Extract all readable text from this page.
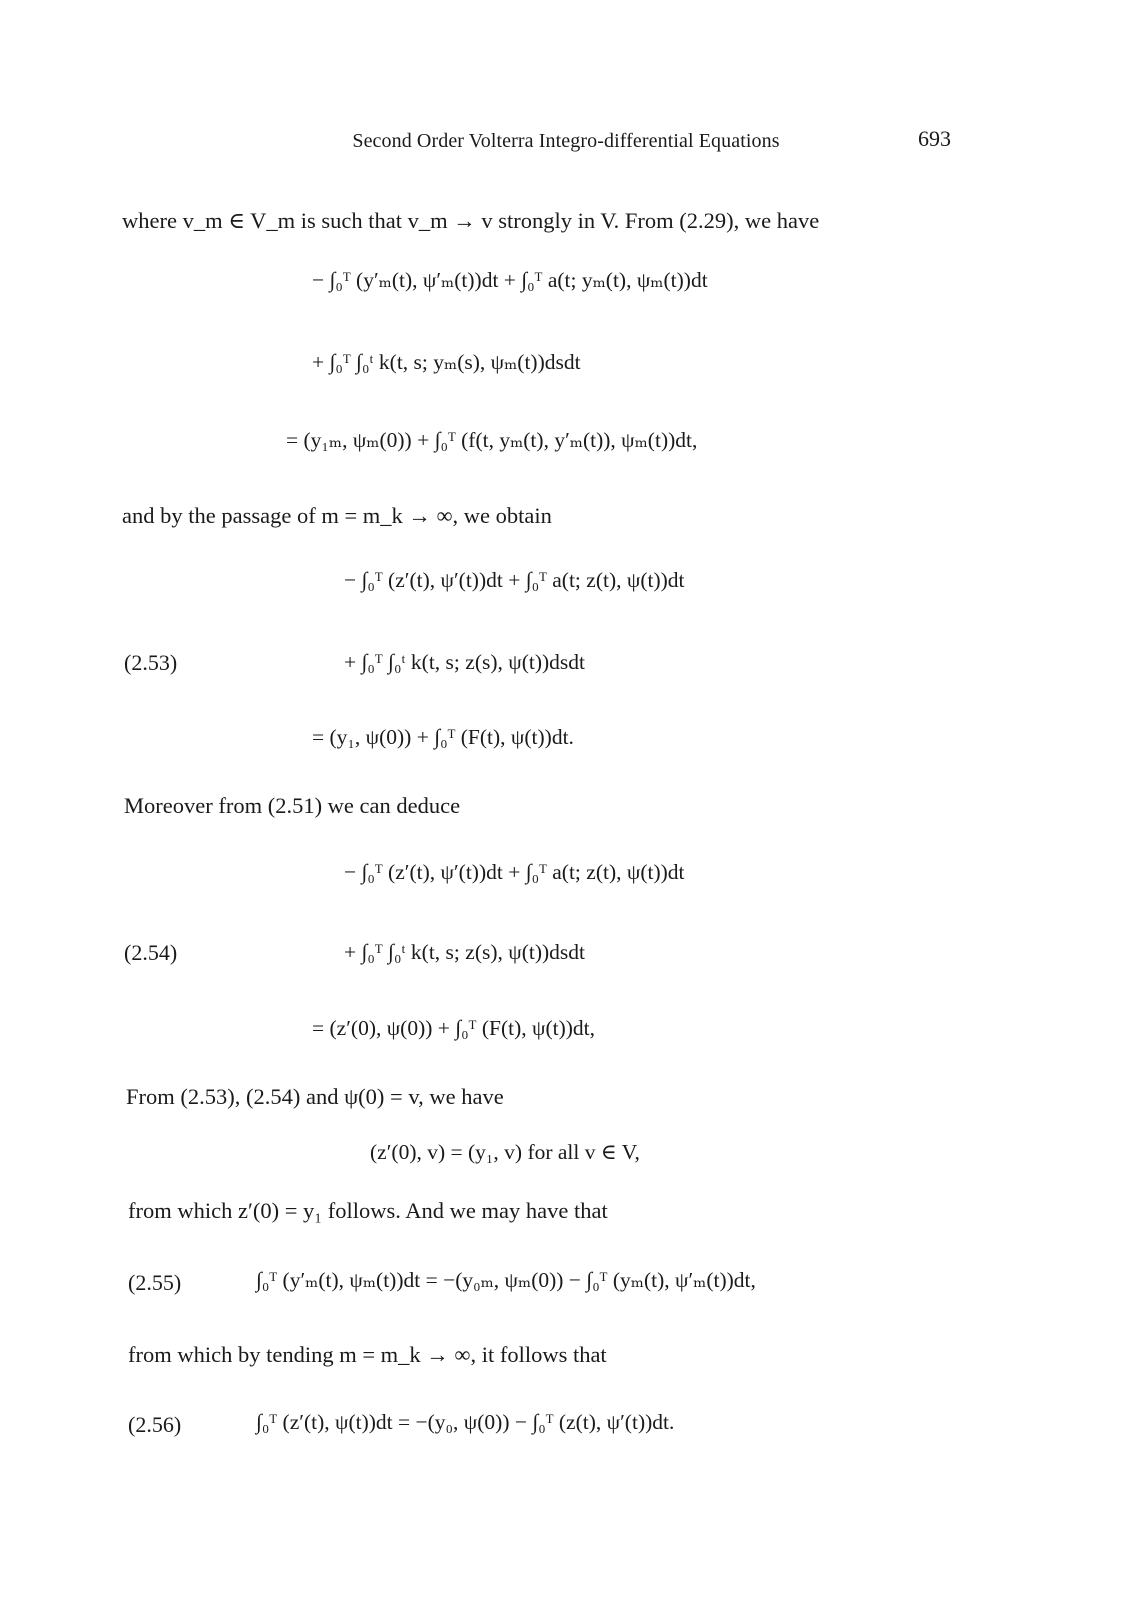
Second Order Volterra Integro-differential Equations	693
where v_m ∈ V_m is such that v_m → v strongly in V. From (2.29), we have
− ∫₀ᵀ (y′ₘ(t), ψ′ₘ(t))dt + ∫₀ᵀ a(t; yₘ(t), ψₘ(t))dt
+ ∫₀ᵀ ∫₀ᵗ k(t, s; yₘ(s), ψₘ(t))dsdt
= (y₁ₘ, ψₘ(0)) + ∫₀ᵀ (f(t, yₘ(t), y′ₘ(t)), ψₘ(t))dt,
and by the passage of m = m_k → ∞, we obtain
− ∫₀ᵀ (z′(t), ψ′(t))dt + ∫₀ᵀ a(t; z(t), ψ(t))dt
(2.53)	+ ∫₀ᵀ ∫₀ᵗ k(t, s; z(s), ψ(t))dsdt
= (y₁, ψ(0)) + ∫₀ᵀ (F(t), ψ(t))dt.
Moreover from (2.51) we can deduce
− ∫₀ᵀ (z′(t), ψ′(t))dt + ∫₀ᵀ a(t; z(t), ψ(t))dt
(2.54)	+ ∫₀ᵀ ∫₀ᵗ k(t, s; z(s), ψ(t))dsdt
= (z′(0), ψ(0)) + ∫₀ᵀ (F(t), ψ(t))dt,
From (2.53), (2.54) and ψ(0) = v, we have
(z′(0), v) = (y₁, v) for all v ∈ V,
from which z′(0) = y₁ follows. And we may have that
(2.55)	∫₀ᵀ (y′ₘ(t), ψₘ(t))dt = −(y₀ₘ, ψₘ(0)) − ∫₀ᵀ (yₘ(t), ψ′ₘ(t))dt,
from which by tending m = m_k → ∞, it follows that
(2.56)	∫₀ᵀ (z′(t), ψ(t))dt = −(y₀, ψ(0)) − ∫₀ᵀ (z(t), ψ′(t))dt.
